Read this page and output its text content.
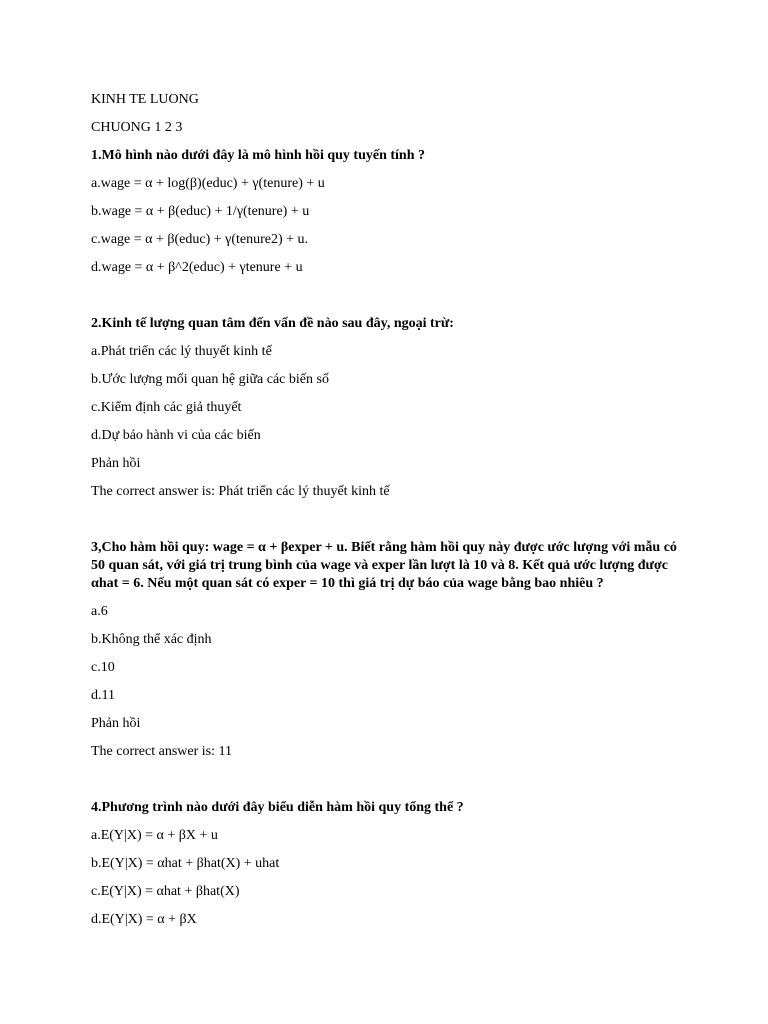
KINH TE LUONG
CHUONG 1 2 3
1.Mô hình nào dưới đây là mô hình hồi quy tuyến tính ?
a.wage = α + log(β)(educ) + γ(tenure) + u
b.wage = α + β(educ) + 1/γ(tenure) + u
c.wage = α + β(educ) + γ(tenure2) + u.
d.wage = α + β^2(educ) + γtenure + u
2.Kinh tế lượng quan tâm đến vấn đề nào sau đây, ngoại trừ:
a.Phát triển các lý thuyết kinh tế
b.Ước lượng mối quan hệ giữa các biến số
c.Kiểm định các giả thuyết
d.Dự báo hành vi của các biến
Phản hồi
The correct answer is: Phát triển các lý thuyết kinh tế
3,Cho hàm hồi quy: wage = α + βexper + u. Biết rằng hàm hồi quy này được ước lượng với mẫu có 50 quan sát, với giá trị trung bình của wage và exper lần lượt là 10 và 8. Kết quả ước lượng được αhat = 6. Nếu một quan sát có exper = 10 thì giá trị dự báo của wage bằng bao nhiêu ?
a.6
b.Không thể xác định
c.10
d.11
Phản hồi
The correct answer is: 11
4.Phương trình nào dưới đây biểu diễn hàm hồi quy tổng thể ?
a.E(Y|X) = α + βX + u
b.E(Y|X) = αhat + βhat(X) + uhat
c.E(Y|X) = αhat + βhat(X)
d.E(Y|X) = α + βX
